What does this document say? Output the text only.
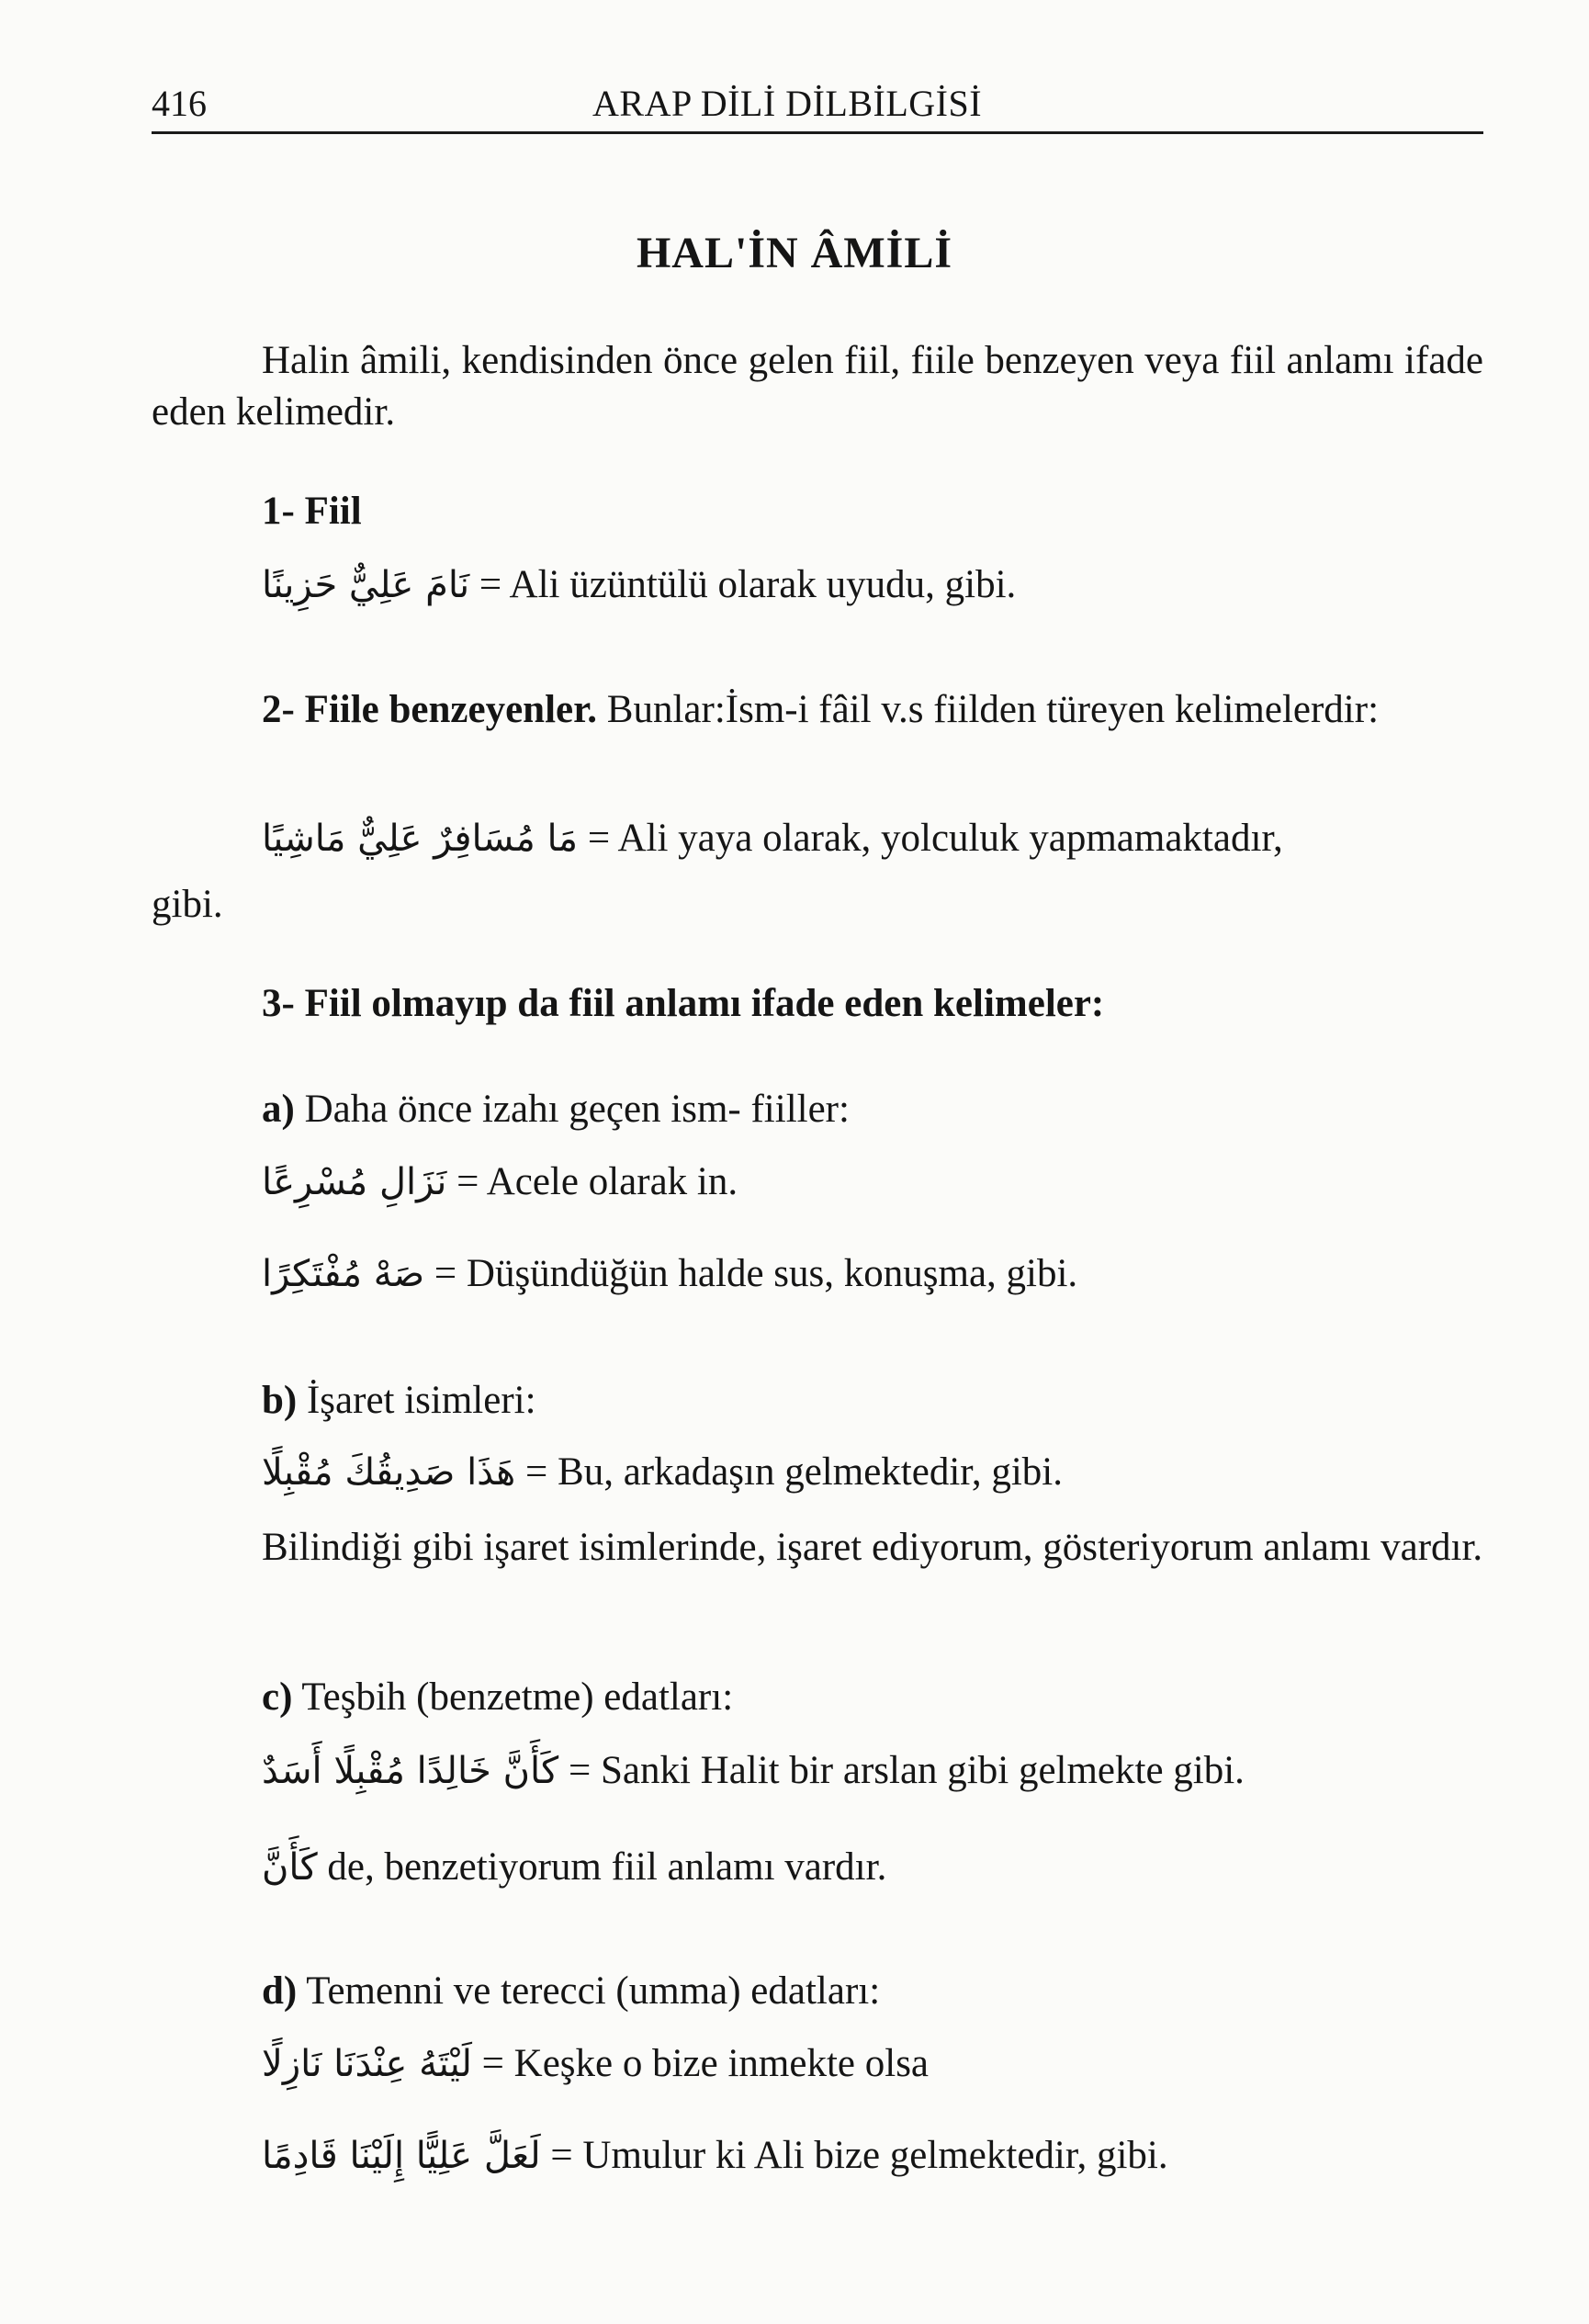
416	ARAP DİLİ DİLBİLGİSİ
HAL'İN ÂMİLİ
Halin âmili, kendisinden önce gelen fiil, fiile benzeyen veya fiil anlamı ifade eden kelimedir.
1- Fiil
نَامَ عَلِيٌّ حَزِينًا = Ali üzüntülü olarak uyudu, gibi.
2- Fiile benzeyenler. Bunlar:İsm-i fâil v.s fiilden türeyen kelimelerdir:
مَا مُسَافِرٌ عَلِيٌّ مَاشِيًا = Ali yaya olarak, yolculuk yapmamaktadır,
gibi.
3- Fiil olmayıp da fiil anlamı ifade eden kelimeler:
a) Daha önce izahı geçen ism- fiiller:
نَزَالِ مُسْرِعًا = Acele olarak in.
صَهْ مُفْتَكِرًا = Düşündüğün halde sus, konuşma, gibi.
b) İşaret isimleri:
هَذَا صَدِيقُكَ مُقْبِلًا = Bu, arkadaşın gelmektedir, gibi.
Bilindiği gibi işaret isimlerinde, işaret ediyorum, gösteriyorum anlamı vardır.
c) Teşbih (benzetme) edatları:
كَأَنَّ خَالِدًا مُقْبِلًا أَسَدٌ = Sanki Halit bir arslan gibi gelmekte gibi.
كَأَنَّ de, benzetiyorum fiil anlamı vardır.
d) Temenni ve terecci (umma) edatları:
لَيْتَهُ عِنْدَنَا نَازِلًا = Keşke o bize inmekte olsa
لَعَلَّ عَلِيًّا إِلَيْنَا قَادِمًا = Umulur ki Ali bize gelmektedir, gibi.
